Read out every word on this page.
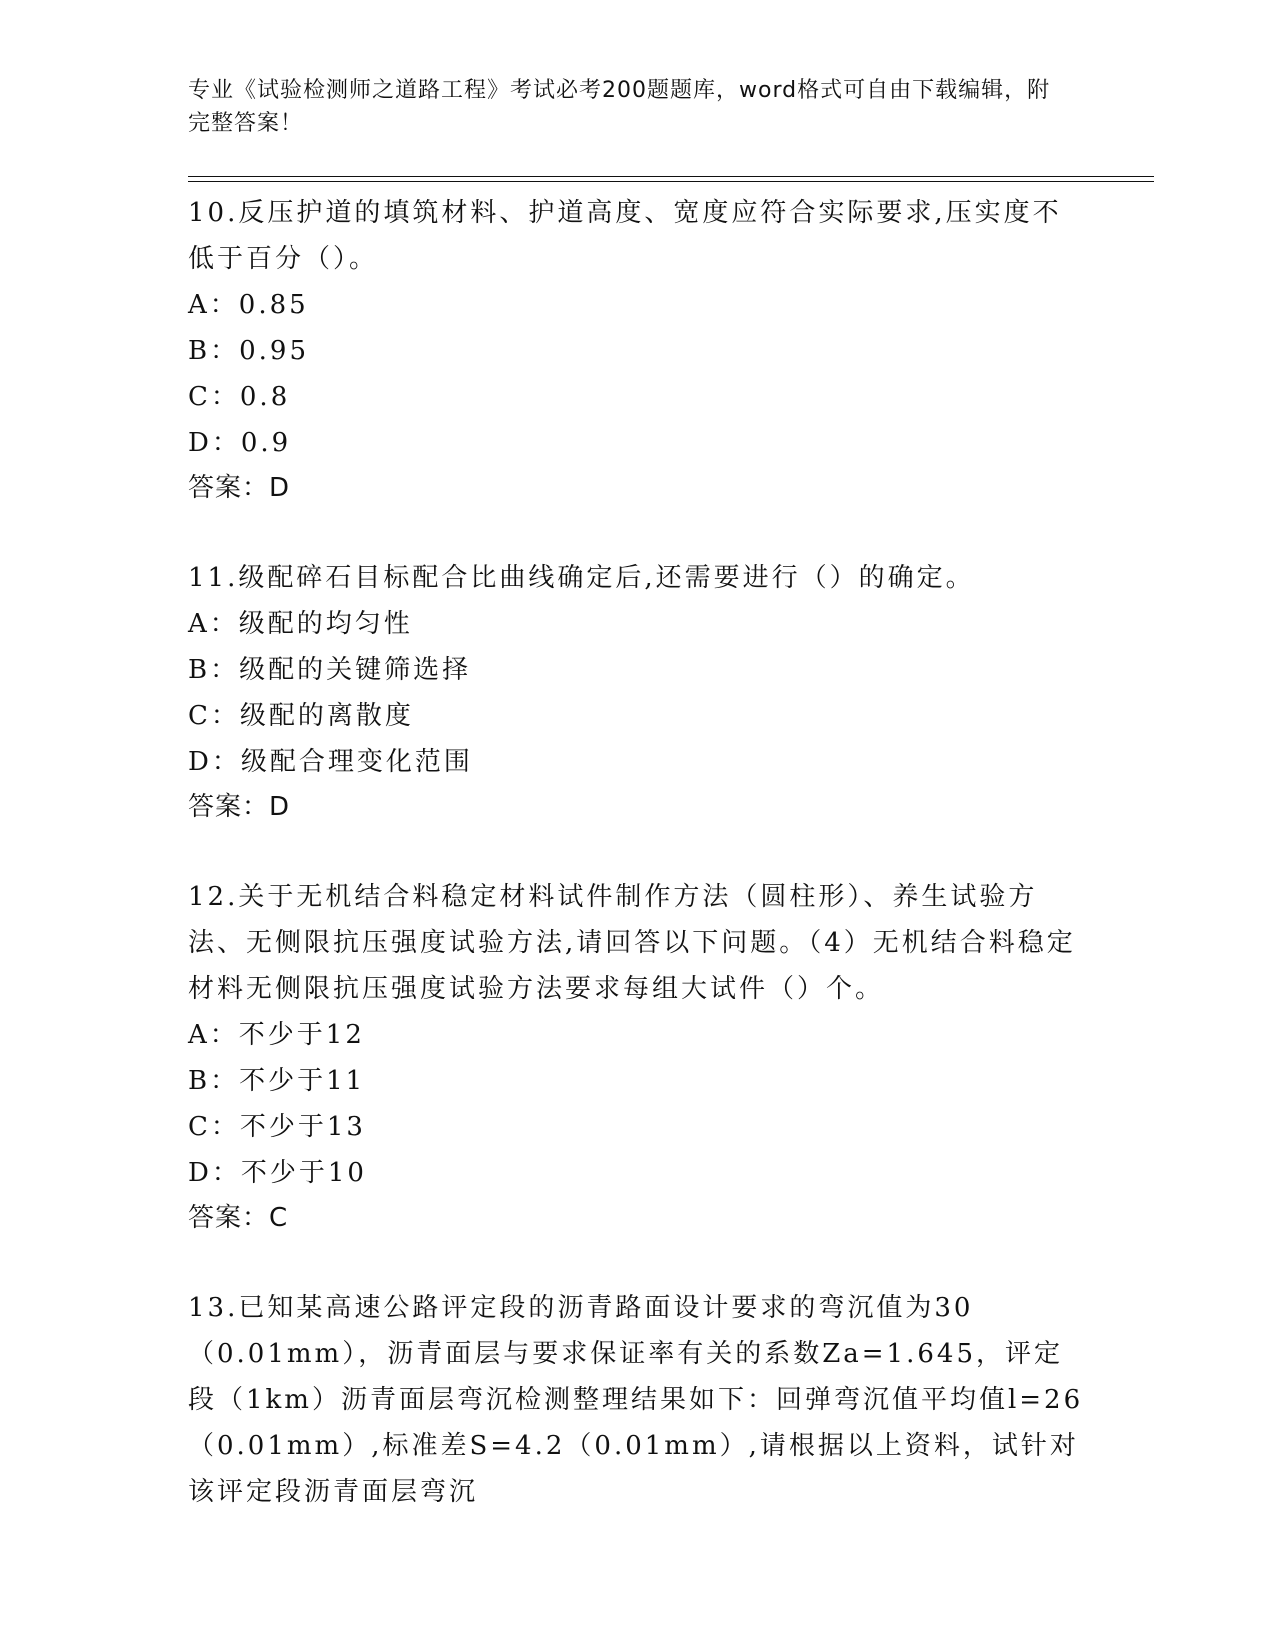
专业《试验检测师之道路工程》考试必考200题题库，word格式可自由下载编辑，附完整答案！

10.反压护道的填筑材料、护道高度、宽度应符合实际要求,压实度不低于百分（）。

A：0.85

B：0.95

C：0.8

D：0.9

答案：D

11.级配碎石目标配合比曲线确定后,还需要进行（）的确定。

A：级配的均匀性

B：级配的关键筛选择

C：级配的离散度

D：级配合理变化范围

答案：D

12.关于无机结合料稳定材料试件制作方法（圆柱形）、养生试验方法、无侧限抗压强度试验方法,请回答以下问题。（4）无机结合料稳定材料无侧限抗压强度试验方法要求每组大试件（）个。

A：不少于12

B：不少于11

C：不少于13

D：不少于10

答案：C

13.已知某高速公路评定段的沥青路面设计要求的弯沉值为30（0.01mm），沥青面层与要求保证率有关的系数Za=1.645，评定段（1km）沥青面层弯沉检测整理结果如下：回弹弯沉值平均值l=26（0.01mm）,标准差S=4.2（0.01mm）,请根据以上资料，试针对该评定段沥青面层弯沉
